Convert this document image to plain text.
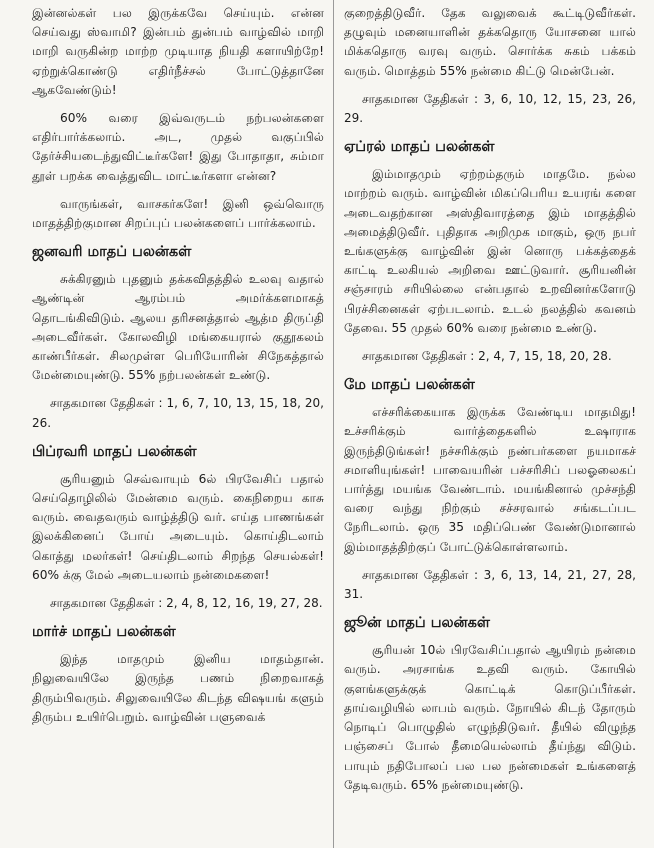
இன்னல்கள் பல இருக்கவே செய்யும். என்ன செய்வது ஸ்வாமி? இன்பம் துன்பம் வாழ்வில் மாறி மாறி வருகின்ற மாற்ற முடியாத நியதி களாயிற்றே! ஏற்றுக்கொண்டு எதிர்நீச்சல் போட்டுத்தானே ஆகவேண்டும்!

60% வரை இவ்வருடம் நற்பலன்களை எதிர்பார்க்கலாம். அட, முதல் வகுப்பில் தேர்ச்சியடைந்துவிட்டீர்களே! இது போதாதா, சும்மா தூள் பறக்க வைத்துவிட மாட்டீர்களா என்ன?

வாருங்கள், வாசகர்களே! இனி ஒவ்வொரு மாதத்திற்குமான சிறப்புப் பலன்களைப் பார்க்கலாம்.

ஜனவரி மாதப் பலன்கள்

சுக்கிரனும் புதனும் தக்கவிதத்தில் உலவு வதால் ஆண்டின் ஆரம்பம் அமர்க்களமாகத் தொடங்கிவிடும். ஆலய தரிசனத்தால் ஆத்ம திருப்தி அடைவீர்கள். கோலவிழி மங்கையரால் குதூகலம் காண்பீர்கள். சிலமுள்ள பெரியோரின் சிநேகத்தால் மேன்மையுண்டு. 55% நற்பலன்கள் உண்டு.

சாதகமான தேதிகள் : 1, 6, 7, 10, 13, 15, 18, 20, 26.

பிப்ரவரி மாதப் பலன்கள்

சூரியனும் செவ்வாயும் 6ல் பிரவேசிப் பதால் செய்தொழிலில் மேன்மை வரும். கைநிறைய காசு வரும். வைதவரும் வாழ்த்திடு வர். எய்த பாணங்கள் இலக்கினைப் போய் அடையும். கொய்திடலாம் கொத்து மலர்கள்! செய்திடலாம் சிறந்த செயல்கள்! 60% க்கு மேல் அடையலாம் நன்மைகளை!

சாதகமான தேதிகள் : 2, 4, 8, 12, 16, 19, 27, 28.

மார்ச் மாதப் பலன்கள்

இந்த மாதமும் இனிய மாதம்தான். நிலுவையிலே இருந்த பணம் நிறைவாகத் திரும்பிவரும். சிலுவையிலே கிடந்த விஷயங் களும் திரும்ப உயிர்பெறும். வாழ்வின் பளுவைக்

குறைத்திடுவீர். தேக வலுவைக் கூட்டிடுவீர்கள். தழுவும் மனையாளின் தக்கதொரு யோசனை யால் மிக்கதொரு வரவு வரும். சொர்க்க சுகம் பக்கம் வரும். மொத்தம் 55% நன்மை கிட்டு மென்பேன்.

சாதகமான தேதிகள் : 3, 6, 10, 12, 15, 23, 26, 29.

ஏப்ரல் மாதப் பலன்கள்

இம்மாதமும் ஏற்றம்தரும் மாதமே. நல்ல மாற்றம் வரும். வாழ்வின் மிகப்பெரிய உயரங் களை அடைவதற்கான அஸ்திவாரத்தை இம் மாதத்தில் அமைத்திடுவீர். புதிதாக அறிமுக மாகும், ஒரு நபர் உங்களுக்கு வாழ்வின் இன் னொரு பக்கத்தைக் காட்டி உலகியல் அறிவை ஊட்டுவார். சூரியனின் சஞ்சாரம் சரியில்லை என்பதால் உறவினர்களோடு பிரச்சினைகள் ஏற்படலாம். உடல் நலத்தில் கவனம் தேவை. 55 முதல் 60% வரை நன்மை உண்டு.

சாதகமான தேதிகள் : 2, 4, 7, 15, 18, 20, 28.

மே மாதப் பலன்கள்

எச்சரிக்கையாக இருக்க வேண்டிய மாதமிது! உச்சரிக்கும் வார்த்தைகளில் உஷாராக இருந்திடுங்கள்! நச்சரிக்கும் நண்பர்களை நயமாகச் சமாளியுங்கள்! பாவையரின் பச்சரிசிப் பலஓலைகப் பார்த்து மயங்க வேண்டாம். மயங்கினால் முச்சந்தி வரை வந்து நிற்கும் சச்சரவால் சங்கடப்பட நேரிடலாம். ஒரு 35 மதிப்பெண் வேண்டுமானால் இம்மாதத்திற்குப் போட்டுக்கொள்ளலாம்.

சாதகமான தேதிகள் : 3, 6, 13, 14, 21, 27, 28, 31.

ஜூன் மாதப் பலன்கள்

சூரியன் 10ல் பிரவேசிப்பதால் ஆயிரம் நன்மை வரும். அரசாங்க உதவி வரும். கோயில் குளங்களுக்குக் கொட்டிக் கொடுப்பீர்கள். தாய்வழியில் லாபம் வரும். நோயில் கிடந் தோரும் நொடிப் பொழுதில் எழுந்திடுவர். தீயில் விழுந்த பஞ்சைப் போல் தீமையெல்லாம் தீய்ந்து விடும். பாயும் நதிபோலப் பல பல நன்மைகள் உங்களைத் தேடிவரும். 65% நன்மையுண்டு.
